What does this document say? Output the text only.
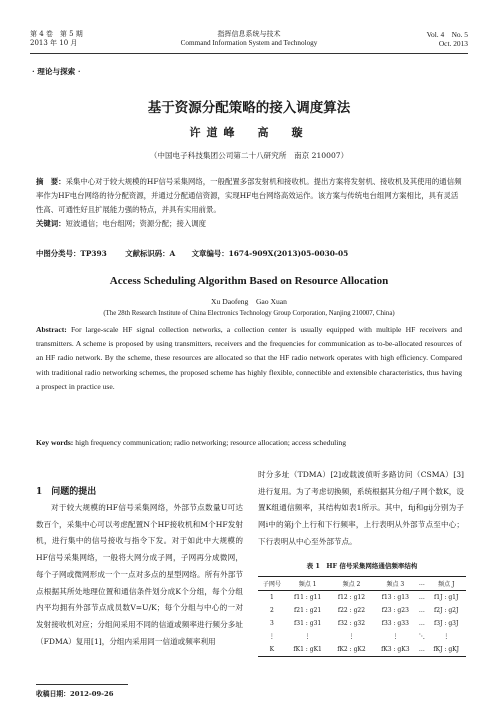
第 4 卷　第 5 期
2013 年 10 月
指挥信息系统与技术
Command Information System and Technology
Vol. 4　No. 5
Oct. 2013
· 理论与探索 ·
基于资源分配策略的接入调度算法
许道峰　高　璇
（中国电子科技集团公司第二十八研究所　南京 210007）
摘　要：采集中心对于较大规模的HF信号采集网络，一般配置多部发射机和接收机。提出方案将发射机、接收机及其使用的通信频率作为HF电台网络的待分配资源，并通过分配通信资源，实现HF电台网络高效运作。该方案与传统电台组网方案相比，具有灵活性高、可通性好且扩展能力强的特点，并具有实用前景。
关键词：短波通信；电台组网；资源分配；接入调度
中图分类号：TP393 文献标识码：A 文章编号：1674-909X(2013)05-0030-05
Access Scheduling Algorithm Based on Resource Allocation
Xu Daofeng　Gao Xuan
(The 28th Research Institute of China Electronics Technology Group Corporation, Nanjing 210007, China)
Abstract: For large-scale HF signal collection networks, a collection center is usually equipped with multiple HF receivers and transmitters. A scheme is proposed by using transmitters, receivers and the frequencies for communication as to-be-allocated resources of an HF radio network. By the scheme, these resources are allocated so that the HF radio network operates with high efficiency. Compared with traditional radio networking schemes, the proposed scheme has highly flexible, connectible and extensible characteristics, thus having a prospect in practice use.
Key words: high frequency communication; radio networking; resource allocation; access scheduling
1　问题的提出
对于较大规模的HF信号采集网络，外部节点数量U可达数百个，采集中心可以考虑配置N个HF接收机和M个HF发射机，进行集中的信号接收与指令下发。对于如此中大规模的HF信号采集网络，一般将大网分成子网，子网再分成微网，每个子网或微网形成一个一点对多点的星型网络。所有外部节点根据其所处地理位置和通信条件划分成K个分组，每个分组内平均拥有外部节点成员数V=U/K；每个分组与中心的一对发射接收机对应；分组间采用不同的信道或频率进行频分多址（FDMA）复用[1]，分组内采用同一信道或频率利用
时分多址（TDMA）[2]或载波侦听多路访问（CSMA）[3]进行复用。为了考虑切换频，系统根据其分组/子网个数K，设置K组通信频率，其结构如表1所示。其中，fij和gij分别为子网i中的第j个上行和下行频率，上行表明从外部节点至中心；下行表明从中心至外部节点。
表 1　HF 信号采集网络通信频率结构
子网号	频点 1	频点 2	频点 3	…	频点 J
1	f11 : g11	f12 : g12	f13 : g13	…	f1J : g1J
2	f21 : g21	f22 : g22	f23 : g23	…	f2J : g2J
3	f31 : g31	f32 : g32	f33 : g33	…	f3J : g3J
⋮	⋮	⋮	⋮	⋱	⋮
K	fK1 : gK1	fK2 : gK2	fK3 : gK3	…	fKJ : gKJ
收稿日期：2012-09-26
